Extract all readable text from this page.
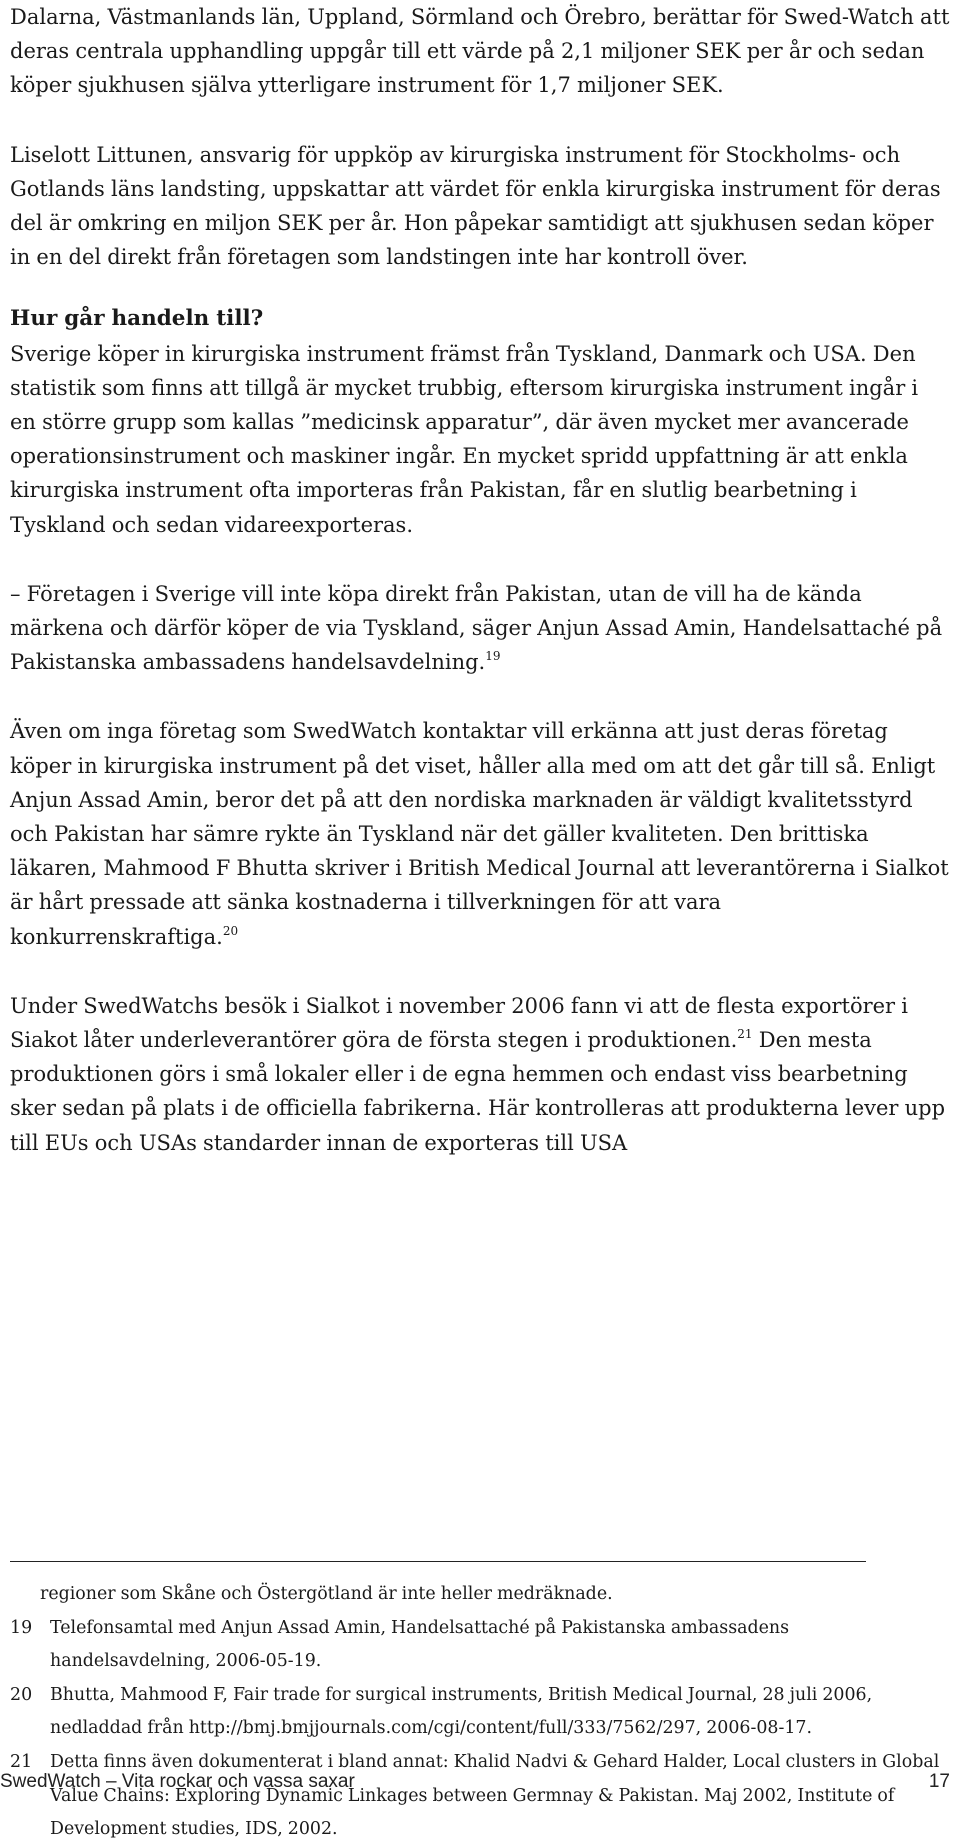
Dalarna, Västmanlands län, Uppland, Sörmland och Örebro, berättar för Swed-Watch att deras centrala upphandling uppgår till ett värde på 2,1 miljoner SEK per år och sedan köper sjukhusen själva ytterligare instrument för 1,7 miljoner SEK.

Liselott Littunen, ansvarig för uppköp av kirurgiska instrument för Stockholms- och Gotlands läns landsting, uppskattar att värdet för enkla kirurgiska instrument för deras del är omkring en miljon SEK per år. Hon påpekar samtidigt att sjukhusen sedan köper in en del direkt från företagen som landstingen inte har kontroll över.

Hur går handeln till?

Sverige köper in kirurgiska instrument främst från Tyskland, Danmark och USA. Den statistik som finns att tillgå är mycket trubbig, eftersom kirurgiska instrument ingår i en större grupp som kallas ”medicinsk apparatur”, där även mycket mer avancerade operationsinstrument och maskiner ingår. En mycket spridd uppfattning är att enkla kirurgiska instrument ofta importeras från Pakistan, får en slutlig bearbetning i Tyskland och sedan vidareexporteras.

– Företagen i Sverige vill inte köpa direkt från Pakistan, utan de vill ha de kända märkena och därför köper de via Tyskland, säger Anjun Assad Amin, Handelsattaché på Pakistanska ambassadens handelsavdelning.$^{19}$

Även om inga företag som SwedWatch kontaktar vill erkänna att just deras företag köper in kirurgiska instrument på det viset, håller alla med om att det går till så. Enligt Anjun Assad Amin, beror det på att den nordiska marknaden är väldigt kvalitetsstyrd och Pakistan har sämre rykte än Tyskland när det gäller kvaliteten. Den brittiska läkaren, Mahmood F Bhutta skriver i British Medical Journal att leverantörerna i Sialkot är hårt pressade att sänka kostnaderna i tillverkningen för att vara konkurrenskraftiga.$^{20}$

Under SwedWatchs besök i Sialkot i november 2006 fann vi att de flesta exportörer i Siakot låter underleverantörer göra de första stegen i produktionen.$^{21}$ Den mesta produktionen görs i små lokaler eller i de egna hemmen och endast viss bearbetning sker sedan på plats i de officiella fabrikerna. Här kontrolleras att produkterna lever upp till EUs och USAs standarder innan de exporteras till USA

regioner som Skåne och Östergötland är inte heller medräknade.

19	Telefonsamtal med Anjun Assad Amin, Handelsattaché på Pakistanska ambassadens handelsavdelning, 2006-05-19.
20	Bhutta, Mahmood F, Fair trade for surgical instruments, British Medical Journal, 28 juli 2006, nedladdad från http://bmj.bmjjournals.com/cgi/content/full/333/7562/297, 2006-08-17.
21	Detta finns även dokumenterat i bland annat: Khalid Nadvi & Gehard Halder, Local clusters in Global Value Chains: Exploring Dynamic Linkages between Germnay & Pakistan. Maj 2002, Institute of Development studies, IDS, 2002.
SwedWatch – Vita rockar och vassa saxar	17
